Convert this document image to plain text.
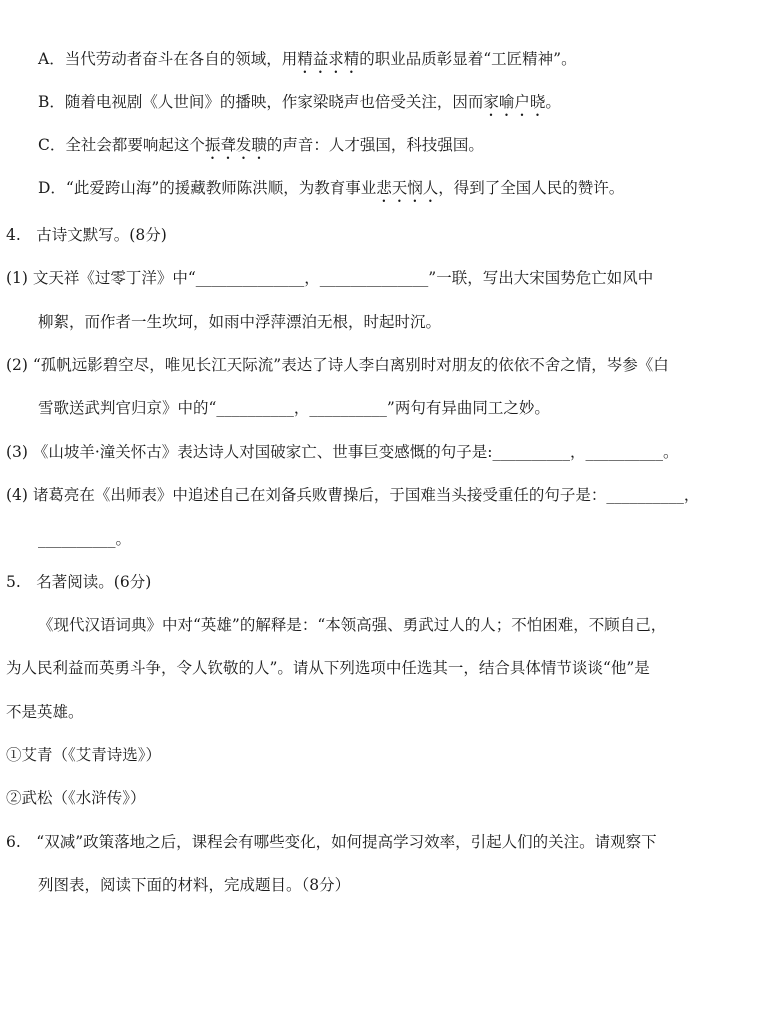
A．当代劳动者奋斗在各自的领域，用精益求精的职业品质彰显着“工匠精神”。
B．随着电视剧《人世间》的播映，作家梁晓声也倍受关注，因而家喻户晓。
C．全社会都要响起这个振聋发聩的声音：人才强国，科技强国。
D．“此爱跨山海”的援藏教师陈洪顺，为教育事业悲天悯人，得到了全国人民的赞许。
4.　古诗文默写。(8分)
(1) 文天祥《过零丁洋》中“______________，______________”一联，写出大宋国势危亡如风中
柳絮，而作者一生坎坷，如雨中浮萍漂泊无根，时起时沉。
(2) “孤帆远影碧空尽，唯见长江天际流”表达了诗人李白离别时对朋友的依依不舍之情，岑参《白
雪歌送武判官归京》中的“__________，__________”两句有异曲同工之妙。
(3) 《山坡羊·潼关怀古》表达诗人对国破家亡、世事巨变感慨的句子是:__________，__________。
(4) 诸葛亮在《出师表》中追述自己在刘备兵败曹操后，于国难当头接受重任的句子是：__________，
__________。
5.　名著阅读。(6分)
《现代汉语词典》中对“英雄”的解释是：“本领高强、勇武过人的人；不怕困难，不顾自己，
为人民利益而英勇斗争，令人钦敬的人”。请从下列选项中任选其一，结合具体情节谈谈“他”是
不是英雄。
①艾青（《艾青诗选》）
②武松（《水浒传》）
6.　“双减”政策落地之后，课程会有哪些变化，如何提高学习效率，引起人们的关注。请观察下
列图表，阅读下面的材料，完成题目。（8分）
